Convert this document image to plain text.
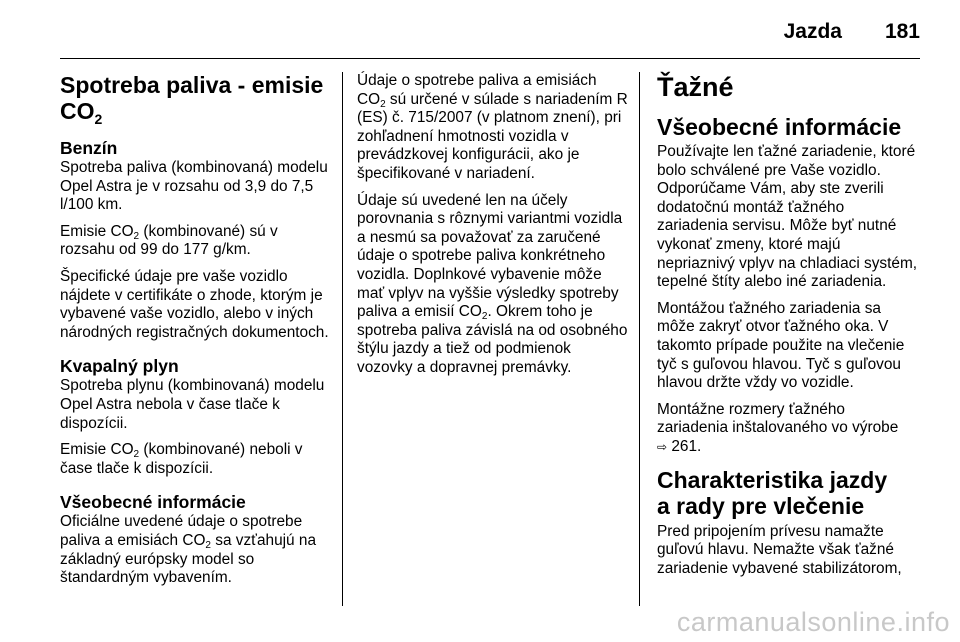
Jazda 181
Spotreba paliva - emisie
$CO_2$
Benzín

Spotreba paliva (kombinovaná) modelu Opel Astra je v rozsahu od 3,9 do 7,5 l/100 km.

Emisie $CO_2$ (kombinované) sú v rozsahu od 99 do 177 g/km.

Špecifické údaje pre vaše vozidlo nájdete v certifikáte o zhode, ktorým je vybavené vaše vozidlo, alebo v iných národných registračných dokumentoch.

Kvapalný plyn

Spotreba plynu (kombinovaná) modelu Opel Astra nebola v čase tlače k dispozícii.

Emisie $CO_2$ (kombinované) neboli v čase tlače k dispozícii.

Všeobecné informácie

Oficiálne uvedené údaje o spotrebe paliva a emisiách $CO_2$ sa vzťahujú na základný európsky model so štandardným vybavením.

Údaje o spotrebe paliva a emisiách $CO_2$ sú určené v súlade s nariadením R (ES) č. 715/2007 (v platnom znení), pri zohľadnení hmotnosti vozidla v prevádzkovej konfigurácii, ako je špecifikované v nariadení.

Údaje sú uvedené len na účely porovnania s rôznymi variantmi vozidla a nesmú sa považovať za zaručené údaje o spotrebe paliva konkrétneho vozidla. Doplnkové vybavenie môže mať vplyv na vyššie výsledky spotreby paliva a emisií $CO_2$. Okrem toho je spotreba paliva závislá na od osobného štýlu jazdy a tiež od podmienok vozovky a dopravnej premávky.

Ťažné
Všeobecné informácie

Používajte len ťažné zariadenie, ktoré bolo schválené pre Vaše vozidlo. Odporúčame Vám, aby ste zverili dodatočnú montáž ťažného zariadenia servisu. Môže byť nutné vykonať zmeny, ktoré majú nepriaznivý vplyv na chladiaci systém, tepelné štíty alebo iné zariadenia.

Montážou ťažného zariadenia sa môže zakryť otvor ťažného oka. V takomto prípade použite na vlečenie tyč s guľovou hlavou. Tyč s guľovou hlavou držte vždy vo vozidle.

Montážne rozmery ťažného zariadenia inštalovaného vo výrobe
⇨ 261.

Charakteristika jazdy
a rady pre vlečenie

Pred pripojením prívesu namažte guľovú hlavu. Nemažte však ťažné zariadenie vybavené stabilizátorom,

carmanualsonline.info
